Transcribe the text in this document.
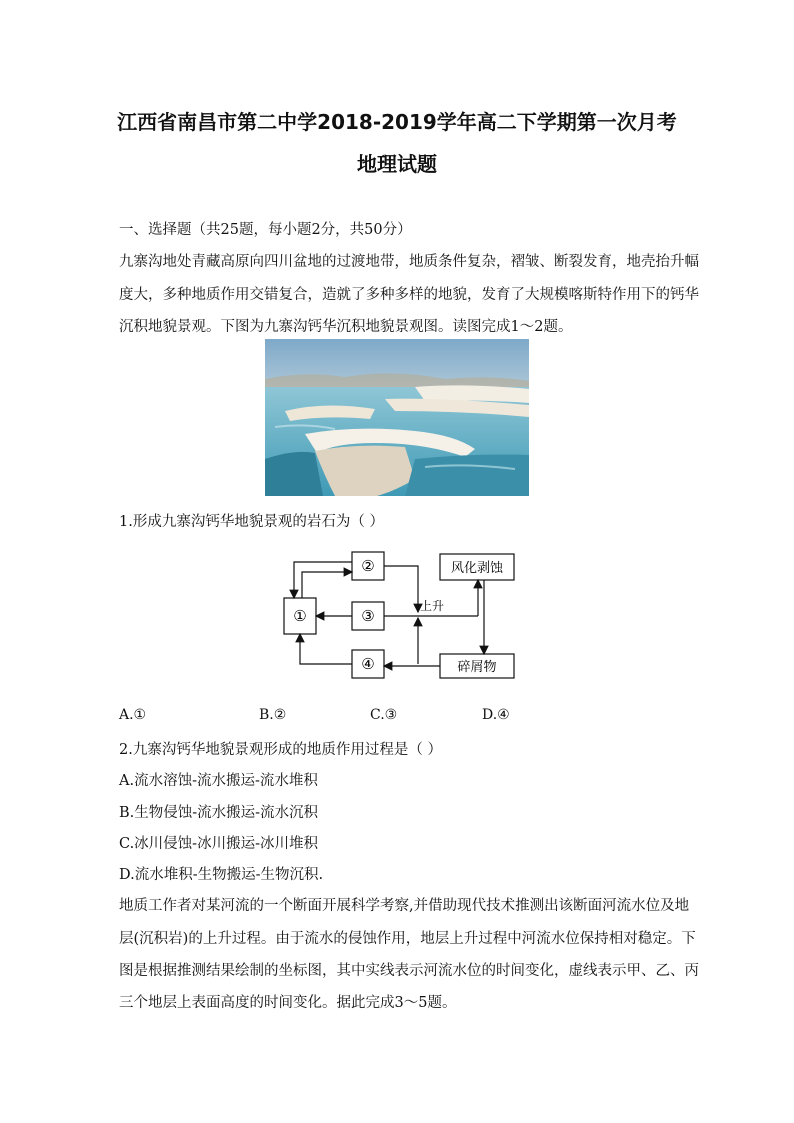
江西省南昌市第二中学2018-2019学年高二下学期第一次月考
地理试题
一、选择题（共25题，每小题2分，共50分）
九寨沟地处青藏高原向四川盆地的过渡地带，地质条件复杂，褶皱、断裂发育，地壳抬升幅
度大，多种地质作用交错复合，造就了多种多样的地貌，发育了大规模喀斯特作用下的钙华
沉积地貌景观。下图为九寨沟钙华沉积地貌景观图。读图完成1～2题。
1.形成九寨沟钙华地貌景观的岩石为（ ）
①
②
③
④
风化剥蚀
碎屑物
上升
A.①	B.②	C.③	D.④
2.九寨沟钙华地貌景观形成的地质作用过程是（ ）
A.流水溶蚀-流水搬运-流水堆积
B.生物侵蚀-流水搬运-流水沉积
C.冰川侵蚀-冰川搬运-冰川堆积
D.流水堆积-生物搬运-生物沉积.
地质工作者对某河流的一个断面开展科学考察,并借助现代技术推测出该断面河流水位及地
层(沉积岩)的上升过程。由于流水的侵蚀作用，地层上升过程中河流水位保持相对稳定。下
图是根据推测结果绘制的坐标图，其中实线表示河流水位的时间变化，虚线表示甲、乙、丙
三个地层上表面高度的时间变化。据此完成3～5题。
